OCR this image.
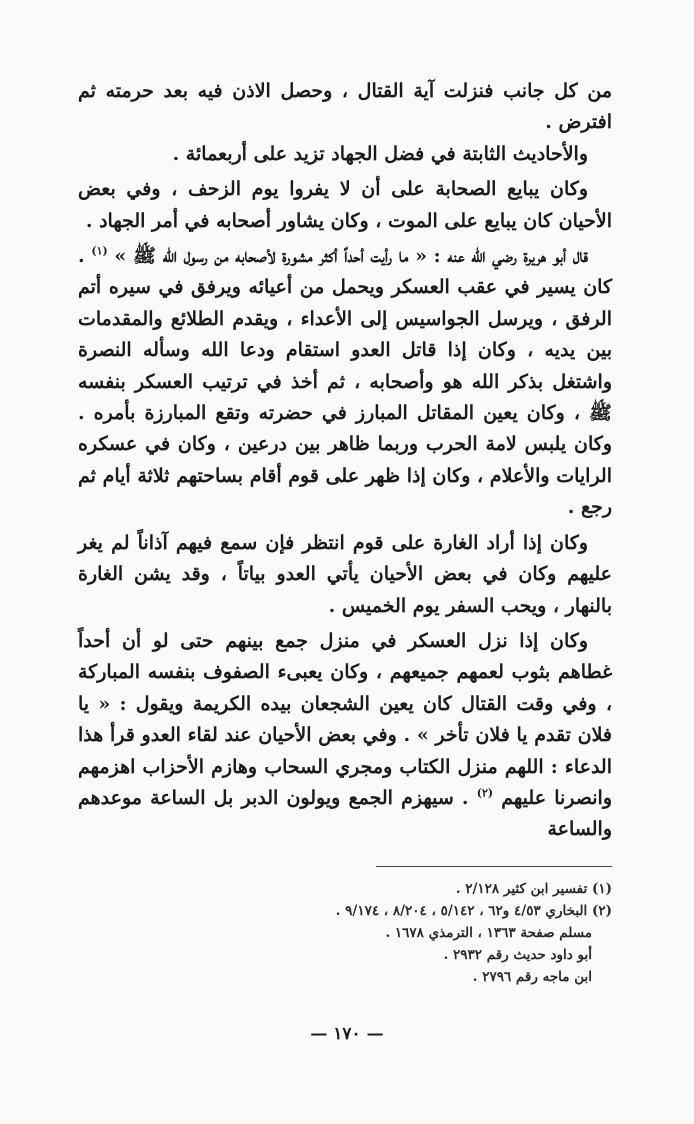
من كل جانب فنزلت آية القتال ، وحصل الاذن فيه بعد حرمته ثم افترض .

والأحاديث الثابتة في فضل الجهاد تزيد على أربعمائة .

وكان يبايع الصحابة على أن لا يفروا يوم الزحف ، وفي بعض الأحيان كان يبايع على الموت ، وكان يشاور أصحابه في أمر الجهاد .

قال أبو هريرة رضي الله عنه : « ما رأيت أحداً أكثر مشورة لأصحابه من رسول الله ﷺ » $^{(١)}$ . كان يسير في عقب العسكر ويحمل من أعيائه ويرفق في سيره أتم الرفق ، ويرسل الجواسيس إلى الأعداء ، ويقدم الطلائع والمقدمات بين يديه ، وكان إذا قاتل العدو استقام ودعا الله وسأله النصرة واشتغل بذكر الله هو وأصحابه ، ثم أخذ في ترتيب العسكر بنفسه ﷺ ، وكان يعين المقاتل المبارز في حضرته وتقع المبارزة بأمره . وكان يلبس لامة الحرب وربما ظاهر بين درعين ، وكان في عسكره الرايات والأعلام ، وكان إذا ظهر على قوم أقام بساحتهم ثلاثة أيام ثم رجع .

وكان إذا أراد الغارة على قوم انتظر فإن سمع فيهم آذاناً لم يغر عليهم وكان في بعض الأحيان يأتي العدو بياتاً ، وقد يشن الغارة بالنهار ، ويحب السفر يوم الخميس .

وكان إذا نزل العسكر في منزل جمع بينهم حتى لو أن أحداً غطاهم بثوب لعمهم جميعهم ، وكان يعبىء الصفوف بنفسه المباركة ، وفي وقت القتال كان يعين الشجعان بيده الكريمة ويقول : « يا فلان تقدم يا فلان تأخر » . وفي بعض الأحيان عند لقاء العدو قرأ هذا الدعاء : اللهم منزل الكتاب ومجري السحاب وهازم الأحزاب اهزمهم وانصرنا عليهم $^{(٢)}$ . سيهزم الجمع ويولون الدبر بل الساعة موعدهم والساعة

(١) تفسير ابن كثير ٢/١٢٨ .

(٢) البخاري ٤/٥٣ و٦٢ ، ٥/١٤٢ ، ٨/٢٠٤ ، ٩/١٧٤ .

مسلم صفحة ١٣٦٣ ، الترمذي ١٦٧٨ .

أبو داود حديث رقم ٢٩٣٢ .

ابن ماجه رقم ٢٧٩٦ .

— ١٧٠ —
